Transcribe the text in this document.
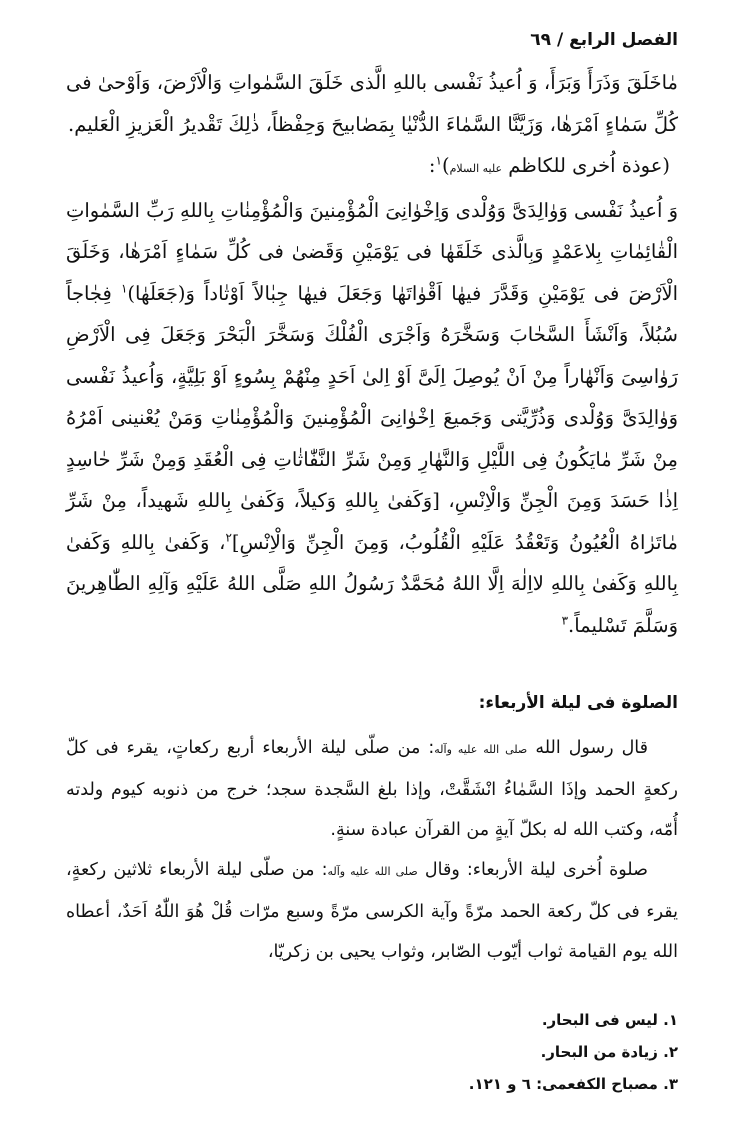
الفصل الرابع / ٦٩

مٰاخَلَقَ وَذَرَأَ وَبَرَأَ، وَ اُعيذُ نَفْسى باللهِ الَّذى خَلَقَ السَّمٰواتِ وَالْاَرْضَ، وَاَوْحىٰ فى كُلِّ سَمٰاءٍ اَمْرَهٰا، وَزَيَّنَّا السَّمٰاءَ الدُّنْيٰا بِمَصٰابيحَ وَحِفْظاً، ذٰلِكَ تَقْديرُ الْعَزيزِ الْعَليم.

(عوذة اُخرى للكاظم عليه السلام)$^١$:

وَ اُعيذُ نَفْسى وَوٰالِدَىَّ وَوُلْدى وَاِخْوٰانِىَ الْمُؤْمِنينَ وَالْمُؤْمِنٰاتِ بِاللهِ رَبِّ السَّمٰواتِ الْقٰائِمٰاتِ بِلاعَمْدٍ وَبِالَّذى خَلَقَهٰا فى يَوْمَيْنِ وَقَضىٰ فى كُلِّ سَمٰاءٍ اَمْرَهٰا، وَخَلَقَ الْاَرْضَ فى يَوْمَيْنِ وَقَدَّرَ فيهٰا اَقْوٰاتَهٰا وَجَعَلَ فيهٰا جِبٰالاً اَوْتٰاداً وَ(جَعَلَهٰا)$^١$ فِجٰاجاً سُبُلاً، وَاَنْشَأَ السَّحٰابَ وَسَخَّرَهُ وَاَجْرَى الْفُلْكَ وَسَخَّرَ الْبَحْرَ وَجَعَلَ فِى الْاَرْضِ رَوٰاسِىَ وَاَنْهٰاراً مِنْ اَنْ يُوصِلَ اِلَىَّ اَوْ اِلىٰ اَحَدٍ مِنْهُمْ بِسُوءٍ اَوْ بَلِيَّةٍ، وَاُعيذُ نَفْسى وَوٰالِدَىَّ وَوُلْدى وَذُرِّيَّتى وَجَميعَ اِخْوٰانِىَ الْمُؤْمِنينَ وَالْمُؤْمِنٰاتِ وَمَنْ يُعْنينى اَمْرُهُ مِنْ شَرِّ مٰايَكُونُ فِى اللَّيْلِ وَالنَّهٰارِ وَمِنْ شَرِّ النَّفّٰاثٰاتِ فِى الْعُقَدِ وَمِنْ شَرِّ حٰاسِدٍ اِذٰا حَسَدَ وَمِنَ الْجِنِّ وَالْاِنْسِ، [وَكَفىٰ بِاللهِ وَكيلاً، وَكَفىٰ بِاللهِ شَهيداً، مِنْ شَرِّ مٰاتَرٰاهُ الْعُيُونُ وَتَعْقُدُ عَلَيْهِ الْقُلُوبُ، وَمِنَ الْجِنِّ وَالْاِنْسِ]$^٢$، وَكَفىٰ بِاللهِ وَكَفىٰ بِاللهِ وَكَفىٰ بِاللهِ لااِلٰهَ اِلَّا اللهُ مُحَمَّدٌ رَسُولُ اللهِ صَلَّى اللهُ عَلَيْهِ وَآلِهِ الطّٰاهِرينَ وَسَلَّمَ تَسْليماً.$^٣$

الصلوة فى ليلة الأربعاء:

قال رسول الله صلى الله عليه وآله: من صلّى ليلة الأربعاء أربع ركعاتٍ، يقرء فى كلّ ركعةٍ الحمد وإذَا السَّمٰاءُ انْشَقَّتْ، وإذا بلغ السَّجدة سجد؛ خرج من ذنوبه كيوم ولدته أُمّه، وكتب الله له بكلّ آيةٍ من القرآن عبادة سنةٍ.

صلوة اُخرى ليلة الأربعاء: وقال صلى الله عليه وآله: من صلّى ليلة الأربعاء ثلاثين ركعةٍ، يقرء فى كلّ ركعة الحمد مرّةً وآية الكرسى مرّةً وسبع مرّات قُلْ هُوَ اللّٰهُ اَحَدٌ، أعطاه الله يوم القيامة ثواب أيّوب الصّابر، وثواب يحيى بن زكريّا،

١. ليس فى البحار.
٢. زيادة من البحار.
٣. مصباح الكفعمى: ٦ و ١٢١.
